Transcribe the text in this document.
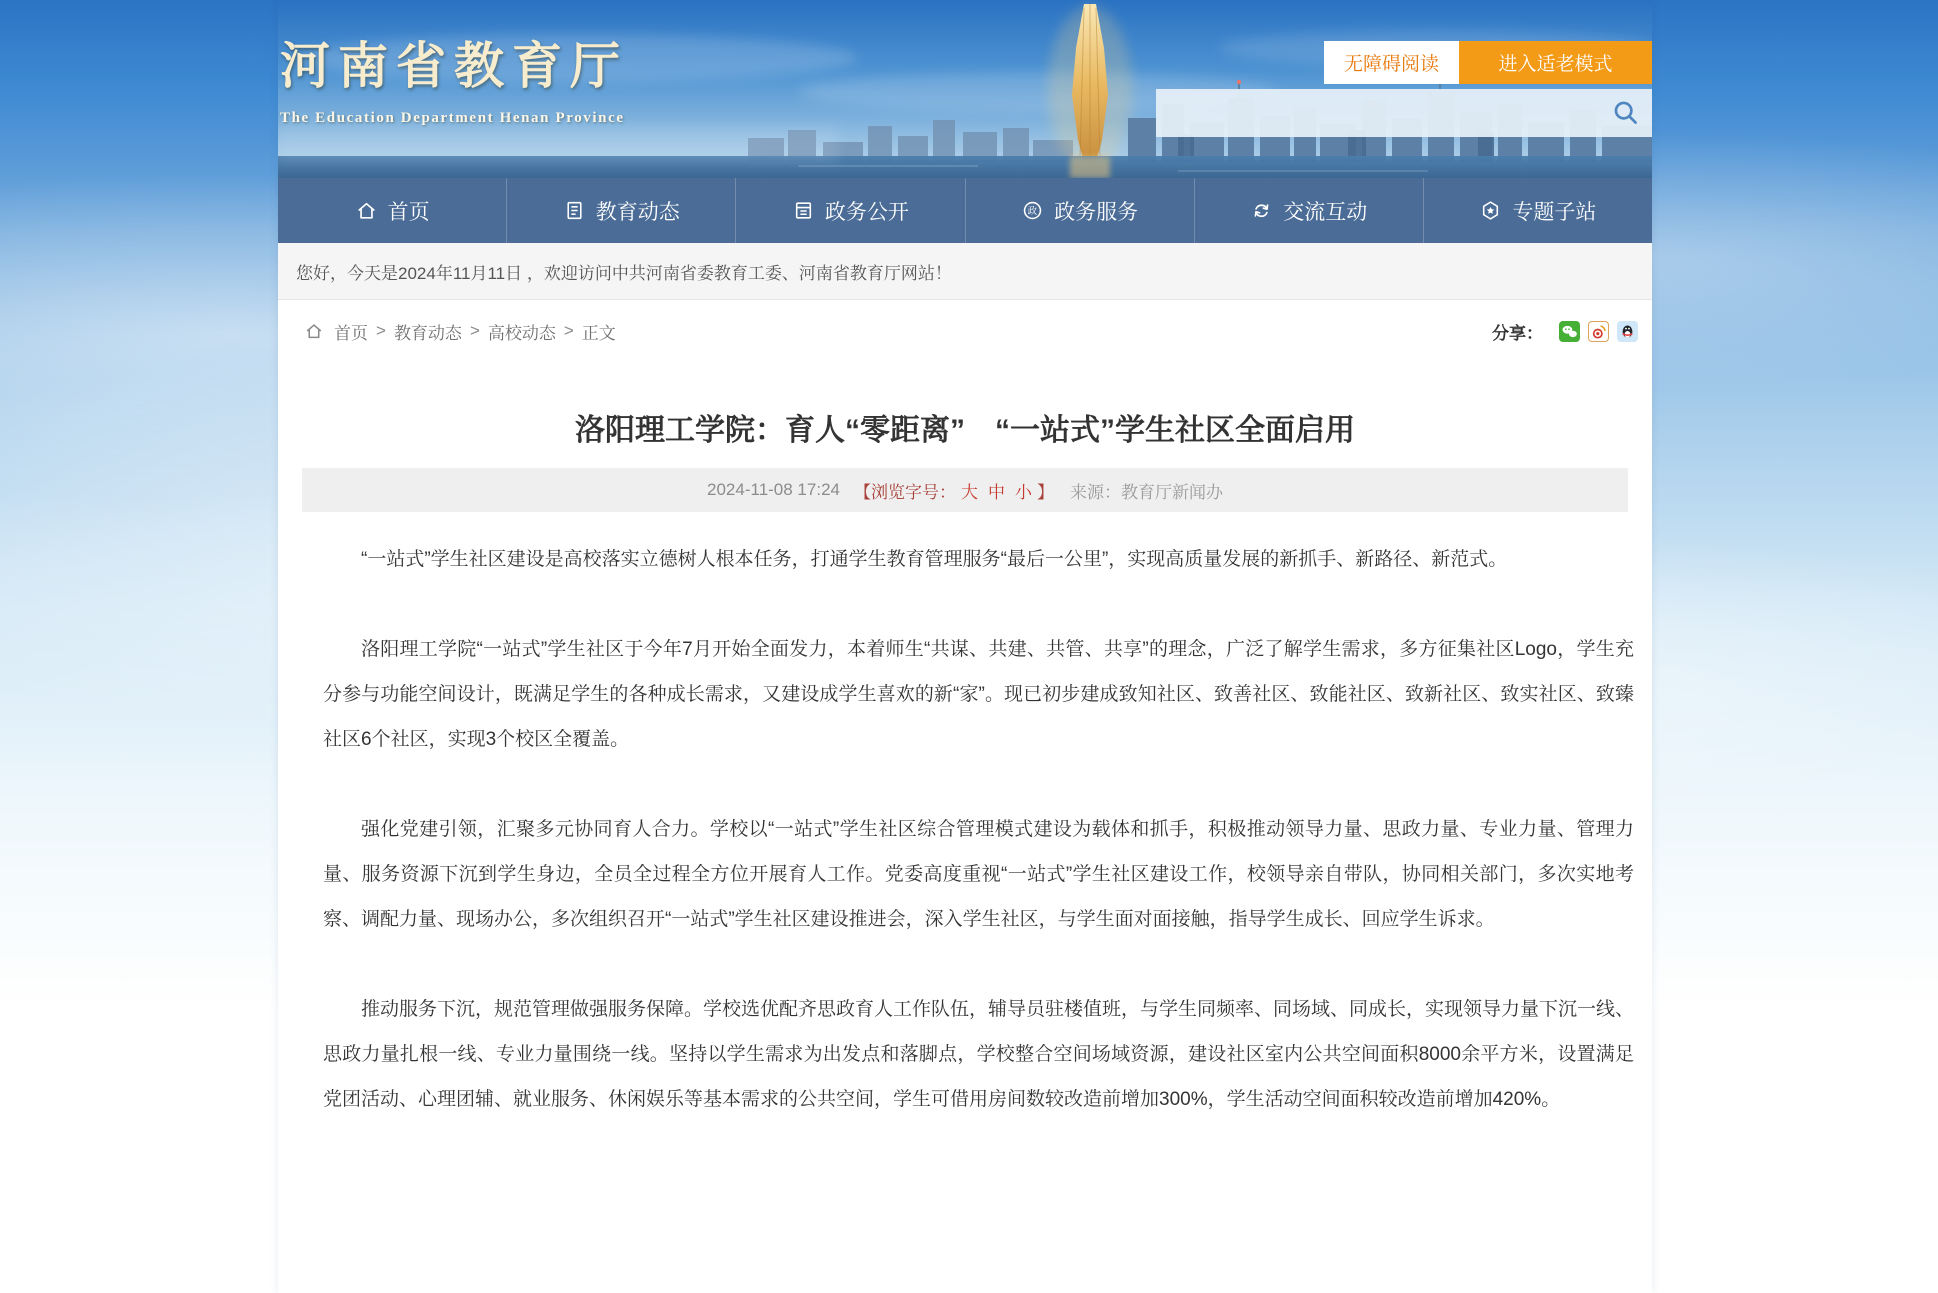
河南省教育厅
The Education Department Henan Province
无障碍阅读	进入适老模式
首页	教育动态	政务公开	政 政务服务	交流互动	专题子站
您好，今天是2024年11月11日 ，欢迎访问中共河南省委教育工委、河南省教育厅网站！
首页 > 教育动态 > 高校动态 > 正文	分享：
洛阳理工学院：育人“零距离”　“一站式”学生社区全面启用
2024-11-08 17:24 【浏览字号： 大 中 小 】 来源： 教育厅新闻办

“一站式”学生社区建设是高校落实立德树人根本任务，打通学生教育管理服务“最后一公里”，实现高质量发展的新抓手、新路径、新范式。

洛阳理工学院“一站式”学生社区于今年7月开始全面发力，本着师生“共谋、共建、共管、共享”的理念，广泛了解学生需求，多方征集社区Logo，学生充分参与功能空间设计，既满足学生的各种成长需求，又建设成学生喜欢的新“家”。现已初步建成致知社区、致善社区、致能社区、致新社区、致实社区、致臻社区6个社区，实现3个校区全覆盖。

强化党建引领，汇聚多元协同育人合力。学校以“一站式”学生社区综合管理模式建设为载体和抓手，积极推动领导力量、思政力量、专业力量、管理力量、服务资源下沉到学生身边，全员全过程全方位开展育人工作。党委高度重视“一站式”学生社区建设工作，校领导亲自带队，协同相关部门，多次实地考察、调配力量、现场办公，多次组织召开“一站式”学生社区建设推进会，深入学生社区，与学生面对面接触，指导学生成长、回应学生诉求。

推动服务下沉，规范管理做强服务保障。学校选优配齐思政育人工作队伍，辅导员驻楼值班，与学生同频率、同场域、同成长，实现领导力量下沉一线、思政力量扎根一线、专业力量围绕一线。坚持以学生需求为出发点和落脚点，学校整合空间场域资源，建设社区室内公共空间面积8000余平方米，设置满足党团活动、心理团辅、就业服务、休闲娱乐等基本需求的公共空间，学生可借用房间数较改造前增加300%，学生活动空间面积较改造前增加420%。
